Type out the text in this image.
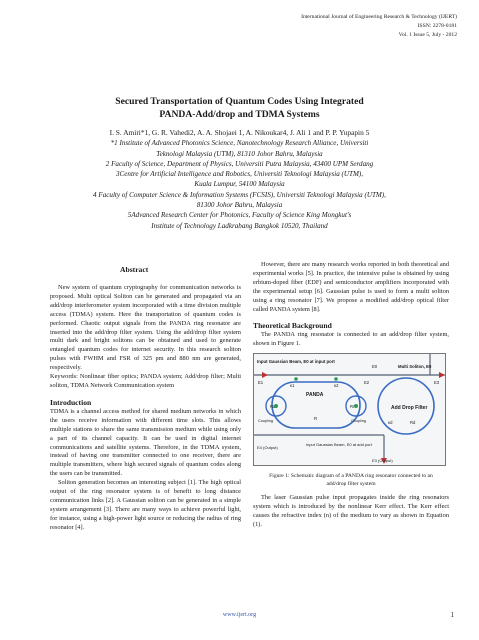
International Journal of Engineering Research & Technology (IJERT)
ISSN: 2278-0181
Vol. 1 Issue 5, July - 2012
Secured Transportation of Quantum Codes Using Integrated
PANDA-Add/drop and TDMA Systems
I. S. Amiri*1, G. R. Vahedi2, A. A. Shojaei 1, A. Nikoukar4, J. Ali 1 and P. P. Yupapin 5
*1 Institute of Advanced Photonics Science, Nanotechnology Research Alliance, Universiti
Teknologi Malaysia (UTM), 81310 Johor Bahru, Malaysia
2 Faculty of Science, Department of Physics, Universiti Putra Malaysia, 43400 UPM Serdang
3Centre for Artificial Intelligence and Robotics, Universiti Teknologi Malaysia (UTM),
Kuala Lumpur, 54100 Malaysia
4 Faculty of Computer Science & Information Systems (FCSIS), Universiti Teknologi Malaysia (UTM),
81300 Johor Bahru, Malaysia
5Advanced Research Center for Photonics, Faculty of Science King Mongkut's
Institute of Technology Ladkrabang Bangkok 10520, Thailand
Abstract

New system of quantum cryptography for communication networks is proposed. Multi optical Soliton can be generated and propagated via an add/drop interferometer system incorporated with a time division multiple access (TDMA) system. Here the transportation of quantum codes is performed. Chaotic output signals from the PANDA ring resonator are inserted into the add/drop filter system. Using the add/drop filter system multi dark and bright solitons can be obtained and used to generate entangled quantum codes for internet security. In this research soliton pulses with FWHM and FSR of 325 pm and 880 nm are generated, respectively.

Keywords: Nonlinear fiber optics; PANDA system; Add/drop filter; Multi soliton, TDMA Network Communication system

Introduction

TDMA is a channel access method for shared medium networks in which the users receive information with different time slots. This allows multiple stations to share the same transmission medium while using only a part of its channel capacity. It can be used in digital internet communications and satellite systems. Therefore, in the TDMA system, instead of having one transmitter connected to one receiver, there are multiple transmitters, where high secured signals of quantum codes along the users can be transmitted.

Soliton generation becomes an interesting subject [1]. The high optical output of the ring resonator system is of benefit to long distance communication links [2]. A Gaussian soliton can be generated in a simple system arrangement [3]. There are many ways to achieve powerful light, for instance, using a high-power light source or reducing the radius of ring resonator [4].

However, there are many research works reported in both theoretical and experimental works [5]. In practice, the intensive pulse is obtained by using erbium-doped fiber (EDF) and semiconductor amplifiers incorporated with the experimental setup [6]. Gaussian pulse is used to form a multi soliton using a ring resonator [7]. We propose a modified add/drop optical filter called PANDA system [8].

Theoretical Background

The PANDA ring resonator is connected to an add/drop filter system, shown in Figure 1.

Input Gaussian Beam, E0 at input port
Multi Soliton, E0
PANDA
Add Drop Filter
E4 (Output)
Input Gaussian Beam, E0 at add port
E3 (Output)
R
RL	Rr
E1	E2
κ1	κ2
κd	Rd
E3
Coupling	Coupling
E0
Figure 1: Schematic diagram of a PANDA ring resonator connected to an add/drop filter system

The laser Gaussian pulse input propagates inside the ring resonators system which is introduced by the nonlinear Kerr effect. The Kerr effect causes the refractive index (n) of the medium to vary as shown in Equation (1).

www.ijert.org	1
